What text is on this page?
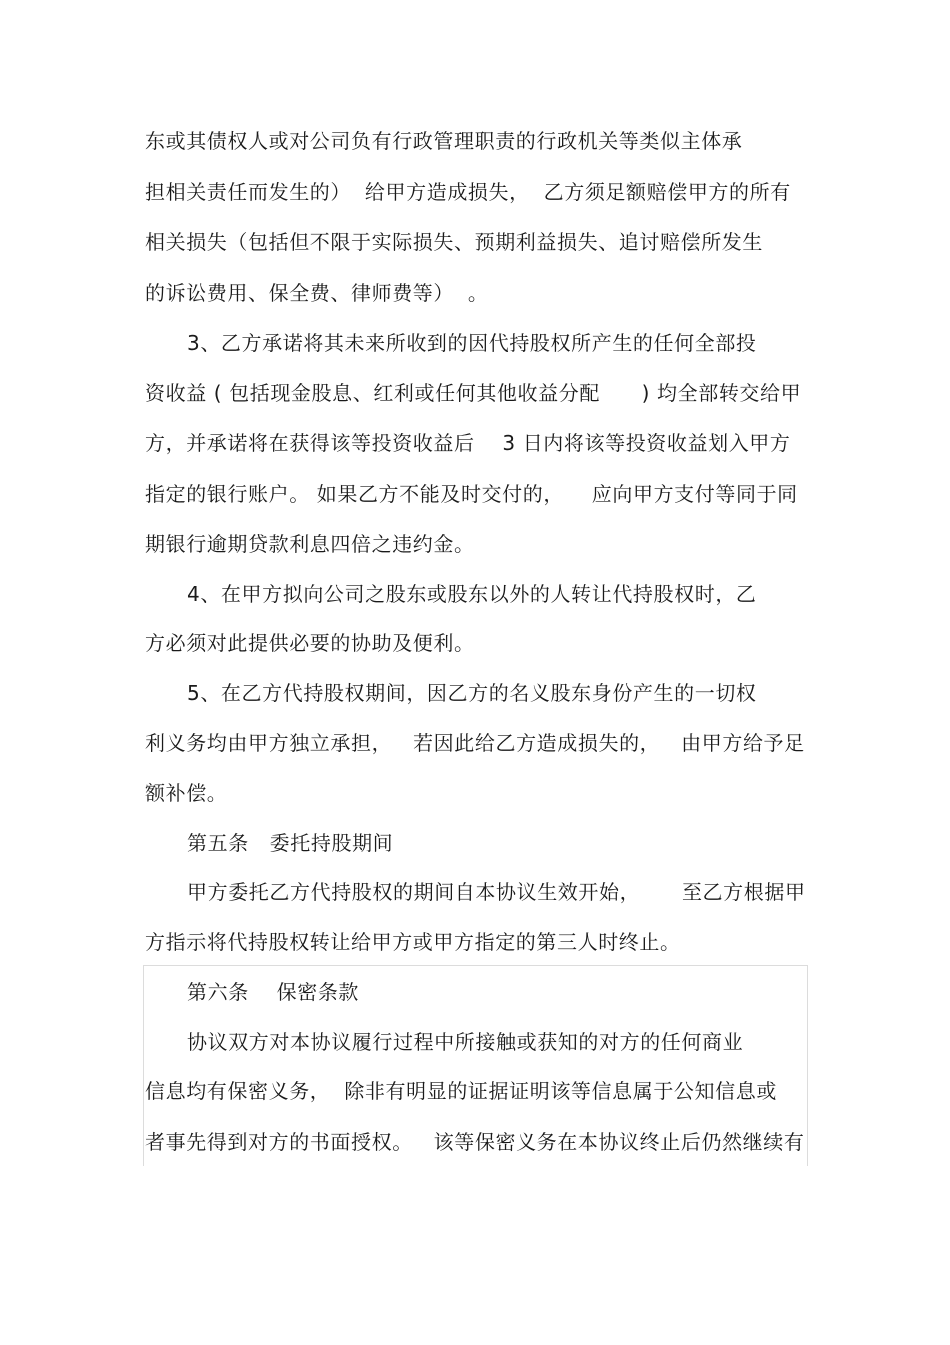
东或其债权人或对公司负有行政管理职责的行政机关等类似主体承
担相关责任而发生的）  给甲方造成损失，  乙方须足额赔偿甲方的所有
相关损失（包括但不限于实际损失、预期利益损失、追讨赔偿所发生
的诉讼费用、保全费、律师费等）  。
3、乙方承诺将其未来所收到的因代持股权所产生的任何全部投
资收益 ( 包括现金股息、红利或任何其他收益分配      ) 均全部转交给甲
方，并承诺将在获得该等投资收益后    3 日内将该等投资收益划入甲方
指定的银行账户。 如果乙方不能及时交付的，    应向甲方支付等同于同
期银行逾期贷款利息四倍之违约金。
4、在甲方拟向公司之股东或股东以外的人转让代持股权时，乙
方必须对此提供必要的协助及便利。
5、在乙方代持股权期间，因乙方的名义股东身份产生的一切权
利义务均由甲方独立承担，   若因此给乙方造成损失的，   由甲方给予足
额补偿。
第五条   委托持股期间
甲方委托乙方代持股权的期间自本协议生效开始，      至乙方根据甲
方指示将代持股权转让给甲方或甲方指定的第三人时终止。
第六条    保密条款
协议双方对本协议履行过程中所接触或获知的对方的任何商业
信息均有保密义务，  除非有明显的证据证明该等信息属于公知信息或
者事先得到对方的书面授权。   该等保密义务在本协议终止后仍然继续有
